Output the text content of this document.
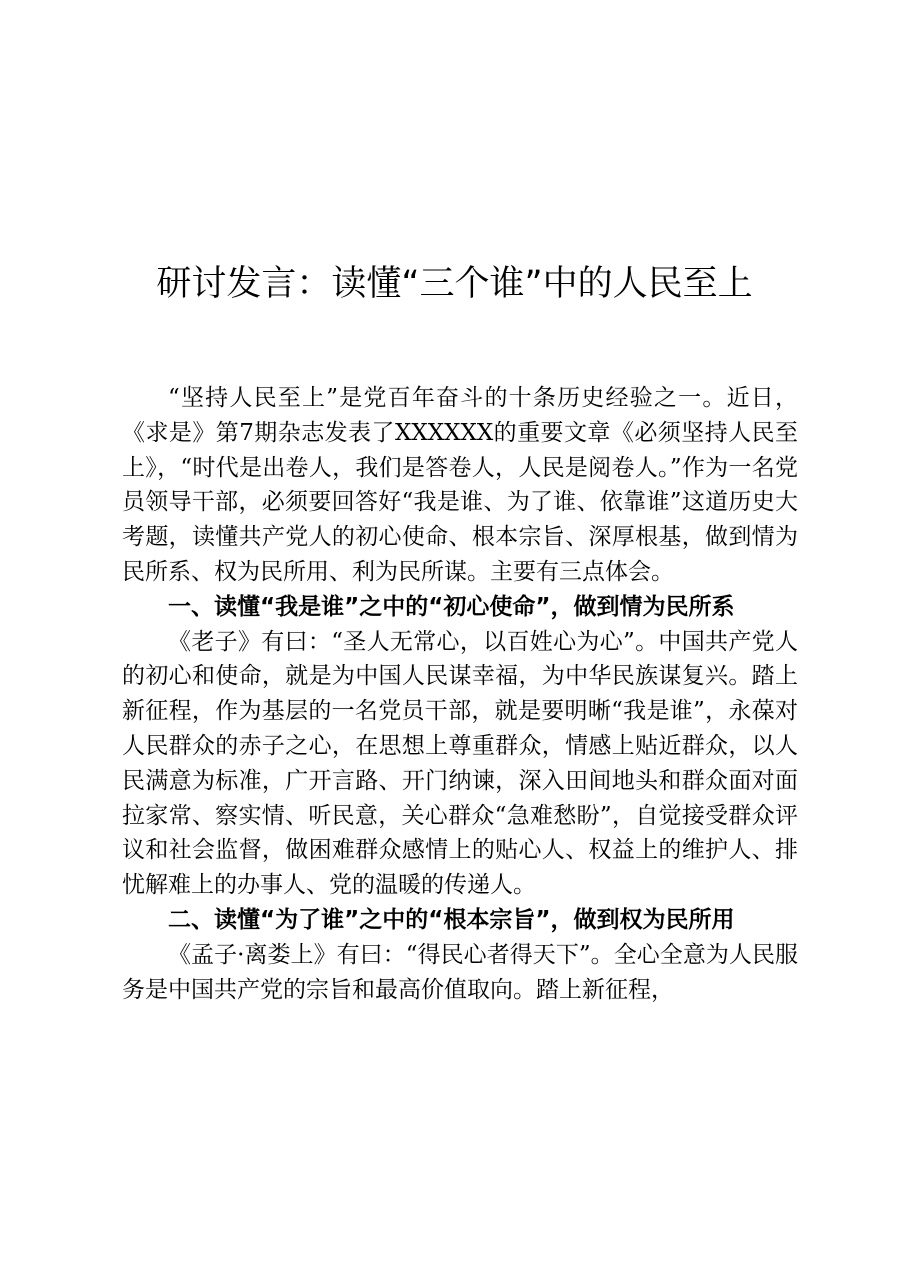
研讨发言：读懂“三个谁”中的人民至上

“坚持人民至上”是党百年奋斗的十条历史经验之一。近日，《求是》第7期杂志发表了XXXXXX的重要文章《必须坚持人民至上》，“时代是出卷人，我们是答卷人，人民是阅卷人。”作为一名党员领导干部，必须要回答好“我是谁、为了谁、依靠谁”这道历史大考题，读懂共产党人的初心使命、根本宗旨、深厚根基，做到情为民所系、权为民所用、利为民所谋。主要有三点体会。

一、读懂“我是谁”之中的“初心使命”，做到情为民所系

《老子》有曰：“圣人无常心，以百姓心为心”。中国共产党人的初心和使命，就是为中国人民谋幸福，为中华民族谋复兴。踏上新征程，作为基层的一名党员干部，就是要明晰“我是谁”，永葆对人民群众的赤子之心，在思想上尊重群众，情感上贴近群众，以人民满意为标准，广开言路、开门纳谏，深入田间地头和群众面对面拉家常、察实情、听民意，关心群众“急难愁盼”，自觉接受群众评议和社会监督，做困难群众感情上的贴心人、权益上的维护人、排忧解难上的办事人、党的温暖的传递人。

二、读懂“为了谁”之中的“根本宗旨”，做到权为民所用

《孟子·离娄上》有曰：“得民心者得天下”。全心全意为人民服务是中国共产党的宗旨和最高价值取向。踏上新征程，
